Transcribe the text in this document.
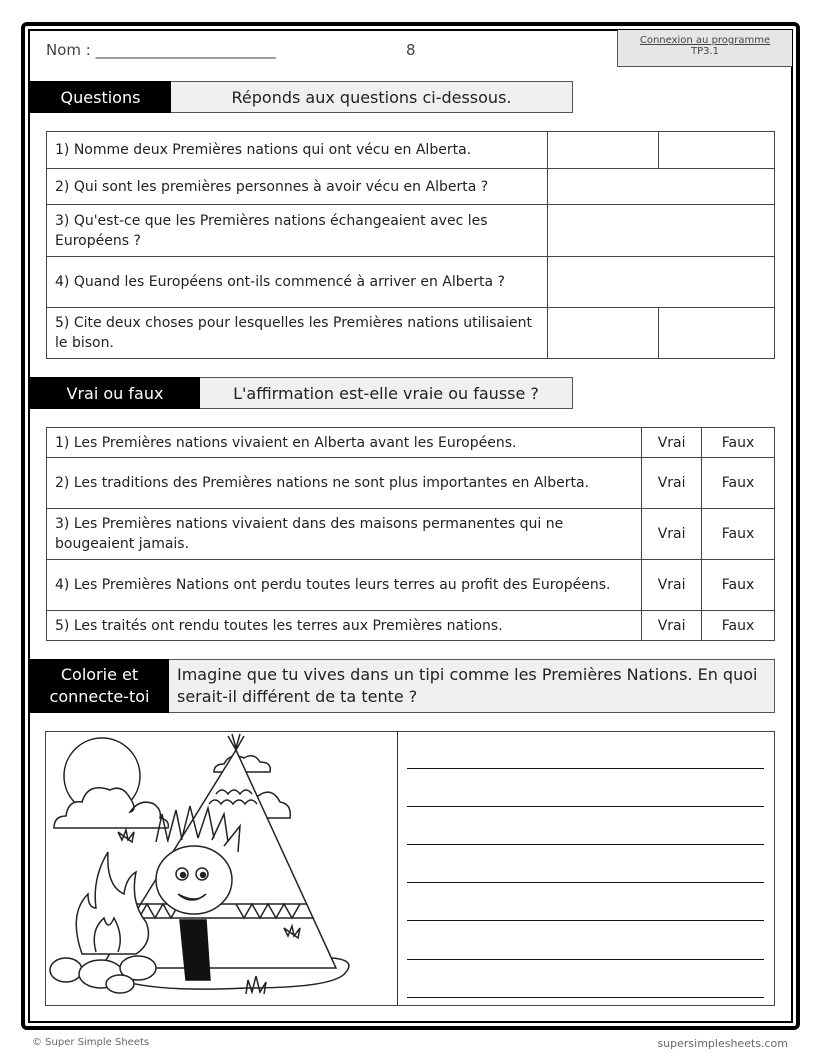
Nom : ________________________	8
Connexion au programme
TP3.1
Questions	Réponds aux questions ci-dessous.
1) Nomme deux Premières nations qui ont vécu en Alberta.		
2) Qui sont les premières personnes à avoir vécu en Alberta ?		
3) Qu'est-ce que les Premières nations échangeaient avec les Européens ?		
4) Quand les Européens ont-ils commencé à arriver en Alberta ?		
5) Cite deux choses pour lesquelles les Premières nations utilisaient le bison.		
Vrai ou faux	L'affirmation est-elle vraie ou fausse ?
1) Les Premières nations vivaient en Alberta avant les Européens.	Vrai	Faux
2) Les traditions des Premières nations ne sont plus importantes en Alberta.	Vrai	Faux
3) Les Premières nations vivaient dans des maisons permanentes qui ne bougeaient jamais.	Vrai	Faux
4) Les Premières Nations ont perdu toutes leurs terres au profit des Européens.	Vrai	Faux
5) Les traités ont rendu toutes les terres aux Premières nations.	Vrai	Faux
Colorie et
connecte-toi
Imagine que tu vives dans un tipi comme les Premières Nations. En quoi serait-il différent de ta tente ?
© Super Simple Sheets	supersimplesheets.com
